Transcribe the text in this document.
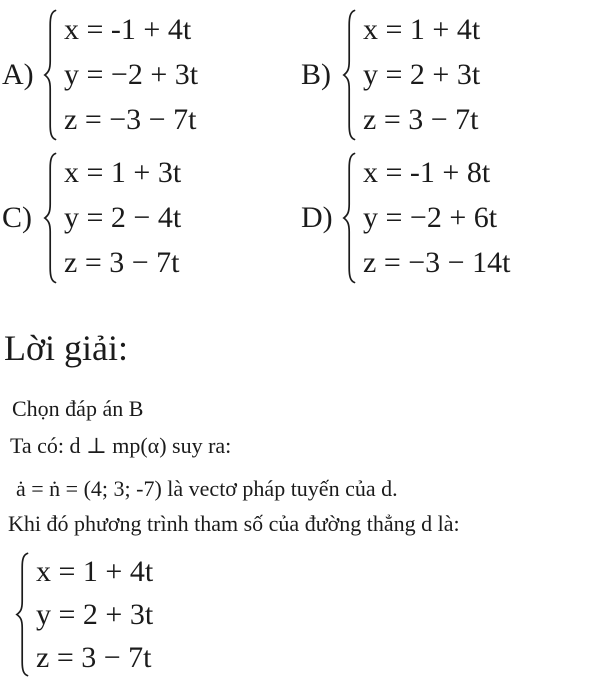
A)
x = -1 + 4t
y = −2 + 3t
z = −3 − 7t
B)
x = 1 + 4t
y = 2 + 3t
z = 3 − 7t
C)
x = 1 + 3t
y = 2 − 4t
z = 3 − 7t
D)
x = -1 + 8t
y = −2 + 6t
z = −3 − 14t
Lời giải:
Chọn đáp án B
Ta có: d ⊥ mp(α) suy ra:
ȧ = ṅ = (4; 3; -7) là vectơ pháp tuyến của d.
Khi đó phương trình tham số của đường thẳng d là:
x = 1 + 4t
y = 2 + 3t
z = 3 − 7t
